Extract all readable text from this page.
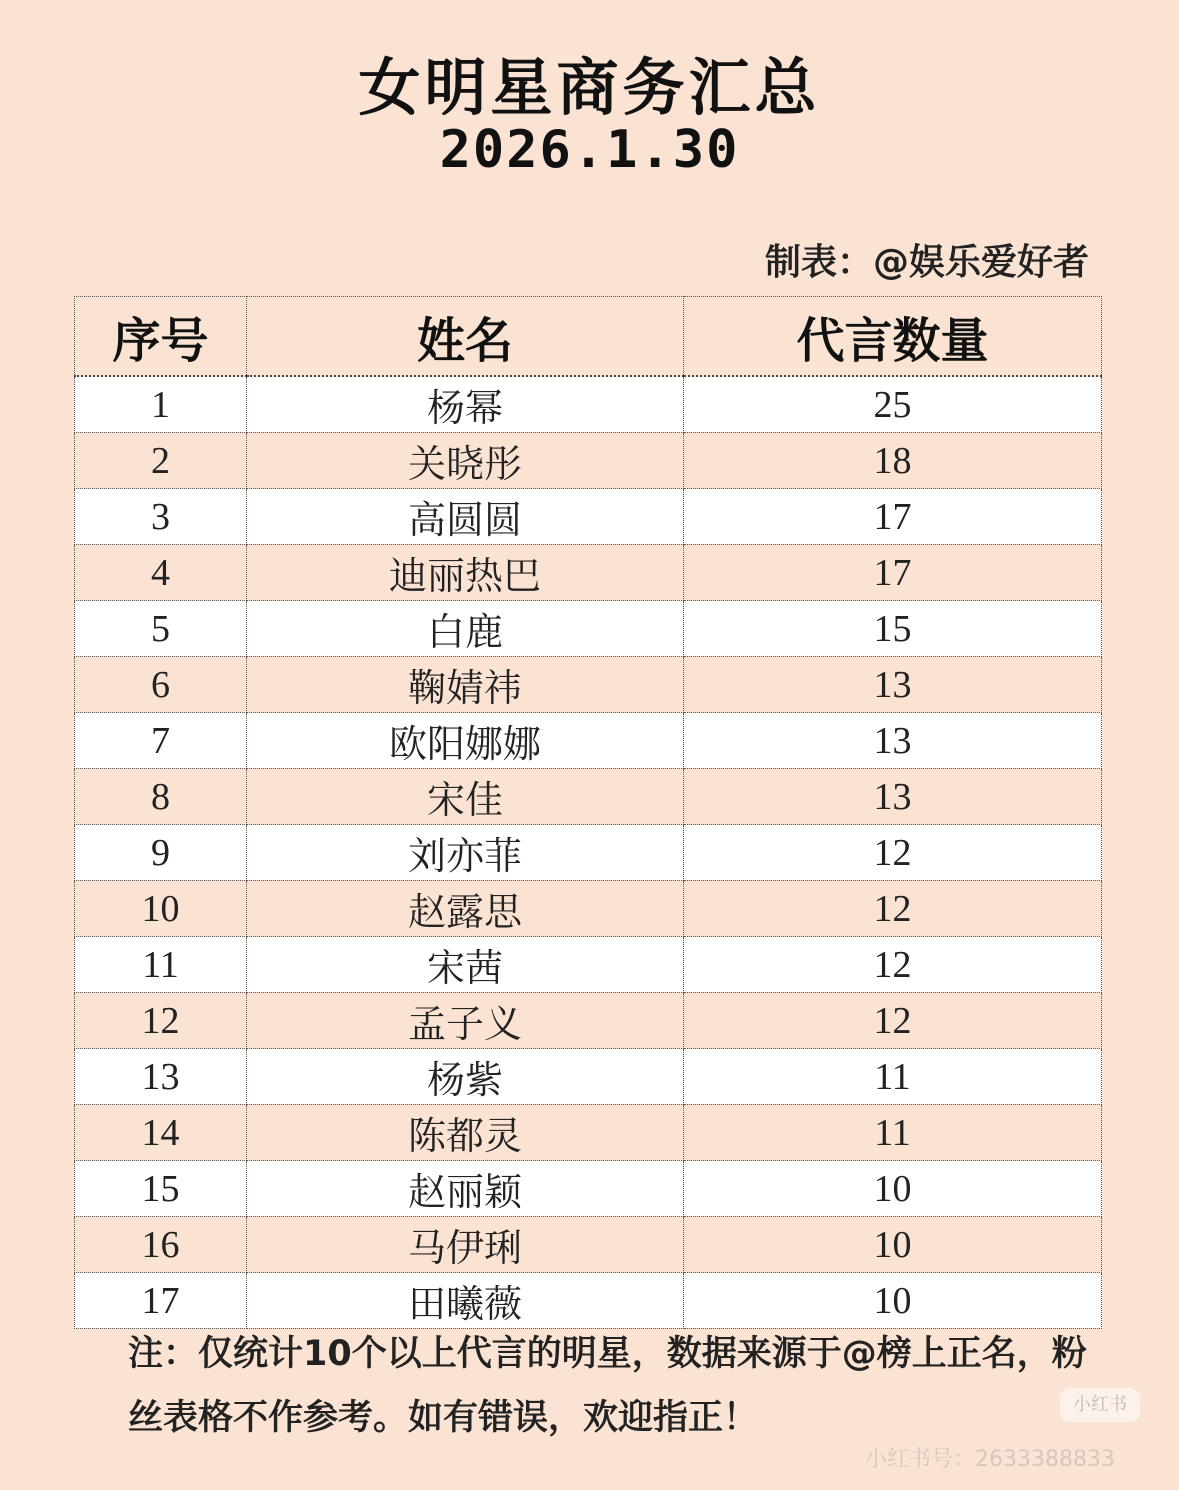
女明星商务汇总
2026.1.30
制表：@娱乐爱好者
序号	姓名	代言数量
1	杨幂	25
2	关晓彤	18
3	高圆圆	17
4	迪丽热巴	17
5	白鹿	15
6	鞠婧祎	13
7	欧阳娜娜	13
8	宋佳	13
9	刘亦菲	12
10	赵露思	12
11	宋茜	12
12	孟子义	12
13	杨紫	11
14	陈都灵	11
15	赵丽颖	10
16	马伊琍	10
17	田曦薇	10
注：仅统计10个以上代言的明星，数据来源于@榜上正名，粉丝表格不作参考。如有错误，欢迎指正！	小红书
小红书号：2633388833
